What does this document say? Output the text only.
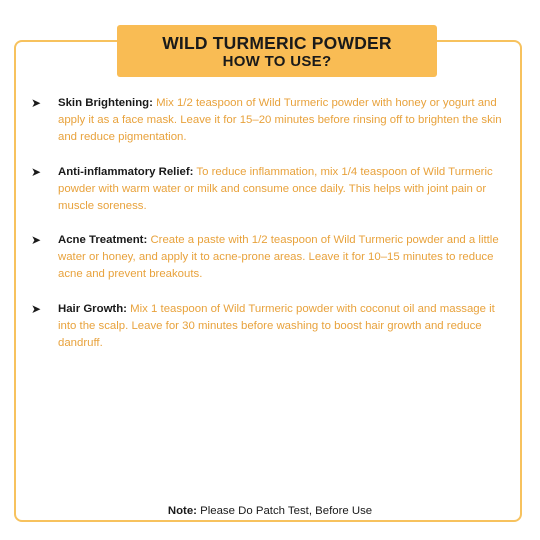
WILD TURMERIC POWDER
HOW TO USE?
➤ Skin Brightening: Mix 1/2 teaspoon of Wild Turmeric powder with honey or yogurt and apply it as a face mask. Leave it for 15–20 minutes before rinsing off to brighten the skin and reduce pigmentation.
➤ Anti-inflammatory Relief: To reduce inflammation, mix 1/4 teaspoon of Wild Turmeric powder with warm water or milk and consume once daily. This helps with joint pain or muscle soreness.
➤ Acne Treatment: Create a paste with 1/2 teaspoon of Wild Turmeric powder and a little water or honey, and apply it to acne-prone areas. Leave it for 10–15 minutes to reduce acne and prevent breakouts.
➤ Hair Growth: Mix 1 teaspoon of Wild Turmeric powder with coconut oil and massage it into the scalp. Leave for 30 minutes before washing to boost hair growth and reduce dandruff.
Note: Please Do Patch Test, Before Use
